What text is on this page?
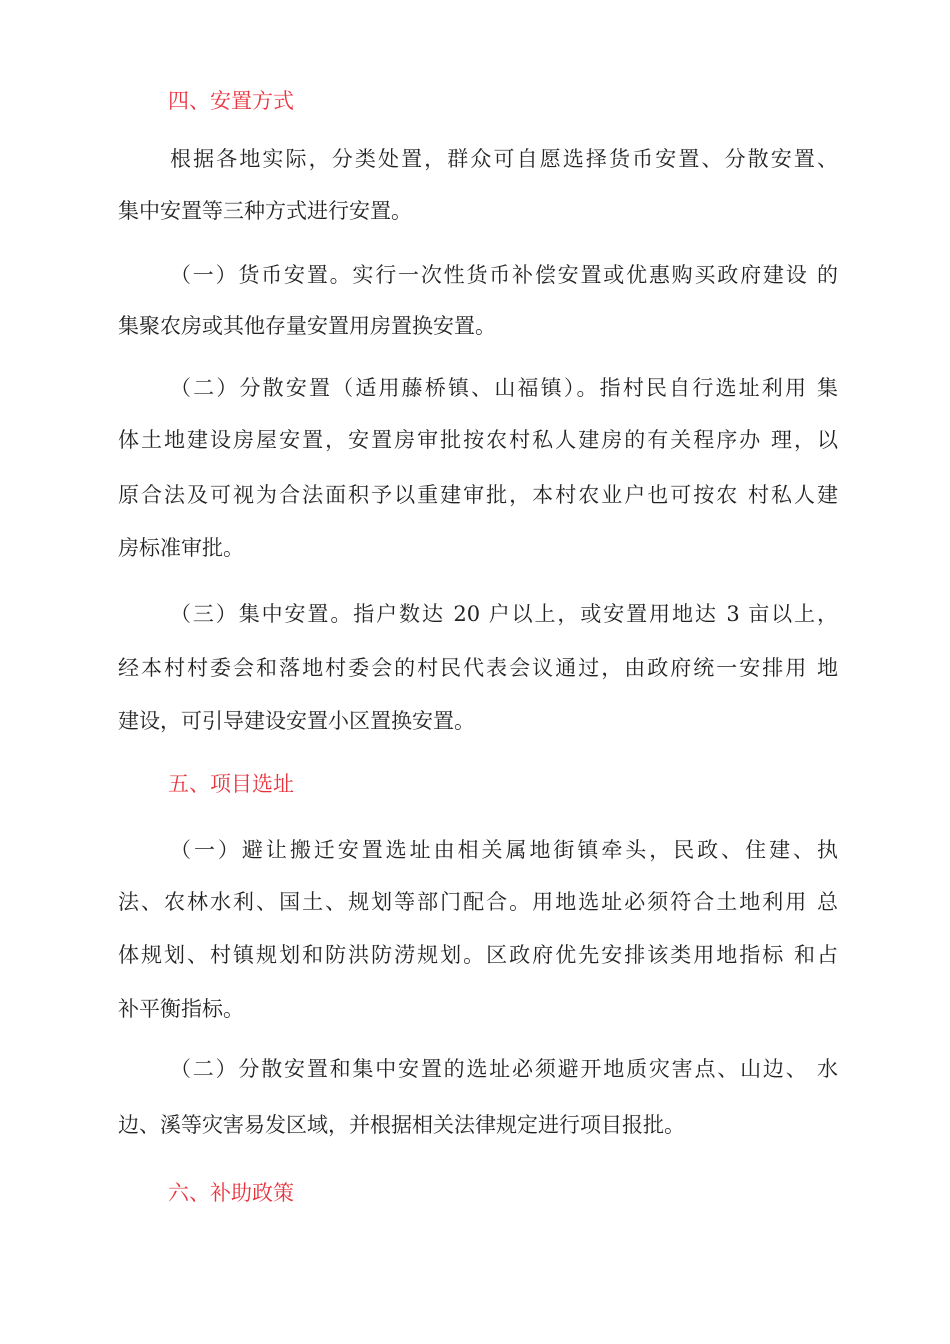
四、安置方式
根据各地实际，分类处置，群众可自愿选择货币安置、分散安置、
集中安置等三种方式进行安置。
（一）货币安置。实行一次性货币补偿安置或优惠购买政府建设 的
集聚农房或其他存量安置用房置换安置。
（二）分散安置（适用藤桥镇、山福镇）。指村民自行选址利用 集
体土地建设房屋安置，安置房审批按农村私人建房的有关程序办 理，以
原合法及可视为合法面积予以重建审批，本村农业户也可按农 村私人建
房标准审批。
（三）集中安置。指户数达 20 户以上，或安置用地达 3 亩以上，
经本村村委会和落地村委会的村民代表会议通过，由政府统一安排用 地
建设，可引导建设安置小区置换安置。
五、项目选址
（一）避让搬迁安置选址由相关属地街镇牵头，民政、住建、执
法、农林水利、国土、规划等部门配合。用地选址必须符合土地利用 总
体规划、村镇规划和防洪防涝规划。区政府优先安排该类用地指标 和占
补平衡指标。
（二）分散安置和集中安置的选址必须避开地质灾害点、山边、 水
边、溪等灾害易发区域，并根据相关法律规定进行项目报批。
六、补助政策
